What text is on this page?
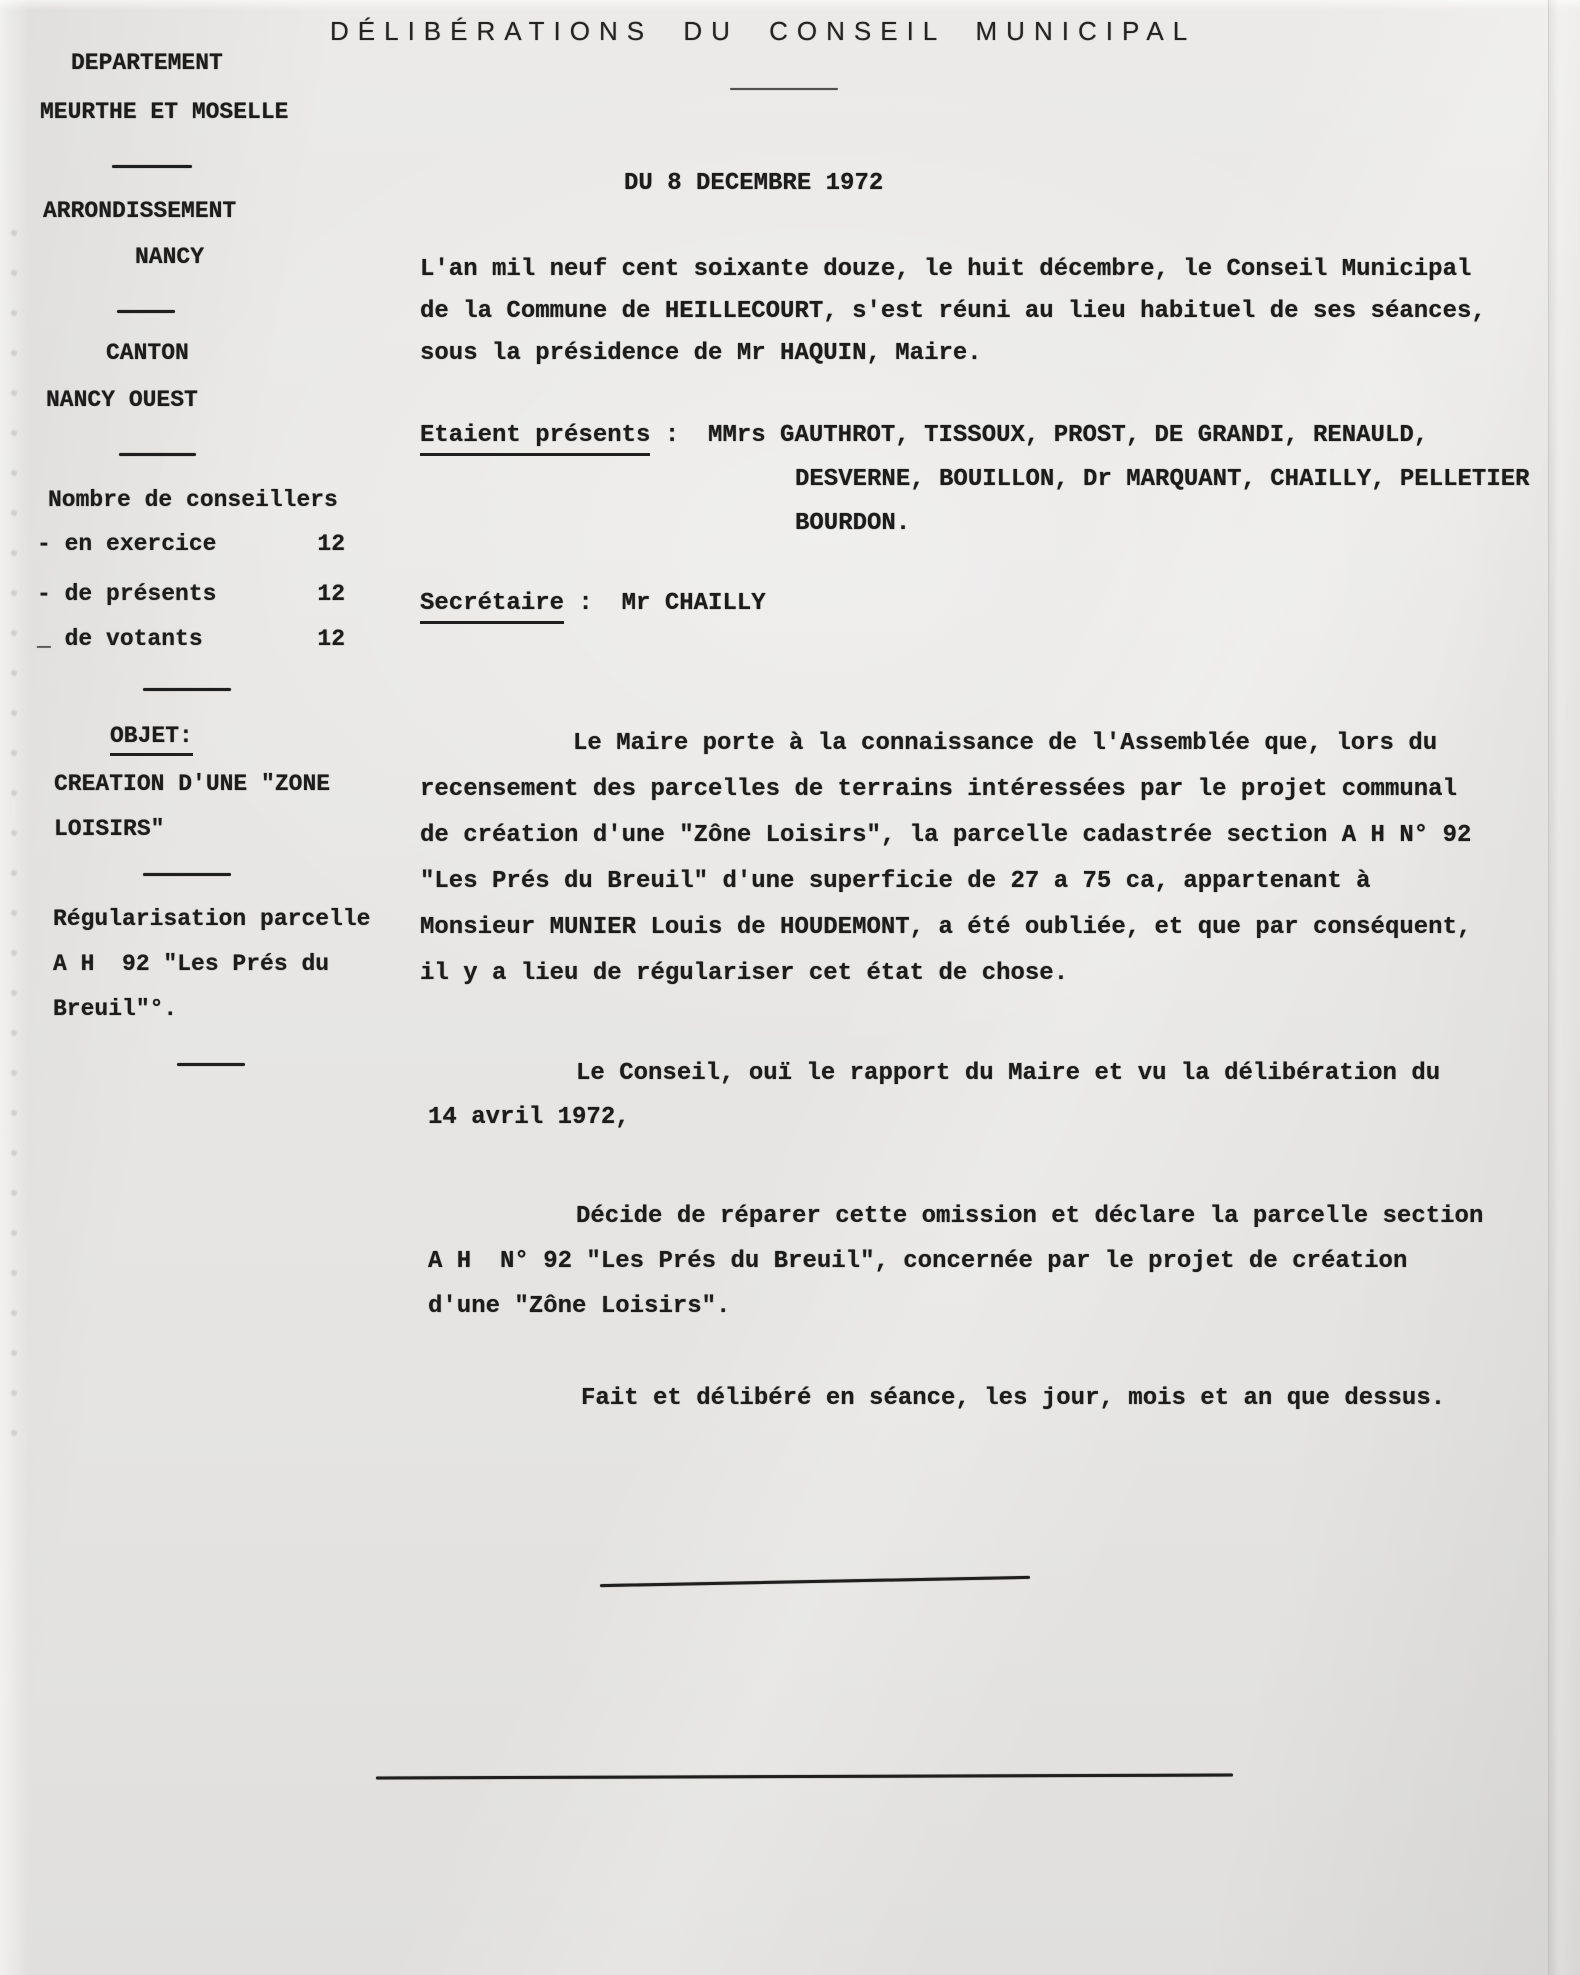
DÉLIBÉRATIONS DU CONSEIL MUNICIPAL
DU 8 DECEMBRE 1972
DEPARTEMENT
MEURTHE ET MOSELLE
ARRONDISSEMENT
NANCY
CANTON
NANCY OUEST
Nombre de conseillers
- en exercice	12
- de présents	12
_ de votants	12
OBJET:
CREATION D'UNE "ZONE
LOISIRS"
Régularisation parcelle
A H  92 "Les Prés du
Breuil"°.
L'an mil neuf cent soixante douze, le huit décembre, le Conseil Municipal
de la Commune de HEILLECOURT, s'est réuni au lieu habituel de ses séances,
sous la présidence de Mr HAQUIN, Maire.
Etaient présents :  MMrs GAUTHROT, TISSOUX, PROST, DE GRANDI, RENAULD,
DESVERNE, BOUILLON, Dr MARQUANT, CHAILLY, PELLETIER
BOURDON.
Secrétaire :  Mr CHAILLY
Le Maire porte à la connaissance de l'Assemblée que, lors du
recensement des parcelles de terrains intéressées par le projet communal
de création d'une "Zône Loisirs", la parcelle cadastrée section A H N° 92
"Les Prés du Breuil" d'une superficie de 27 a 75 ca, appartenant à
Monsieur MUNIER Louis de HOUDEMONT, a été oubliée, et que par conséquent,
il y a lieu de régulariser cet état de chose.
Le Conseil, ouï le rapport du Maire et vu la délibération du
14 avril 1972,
Décide de réparer cette omission et déclare la parcelle section
A H  N° 92 "Les Prés du Breuil", concernée par le projet de création
d'une "Zône Loisirs".
Fait et délibéré en séance, les jour, mois et an que dessus.
